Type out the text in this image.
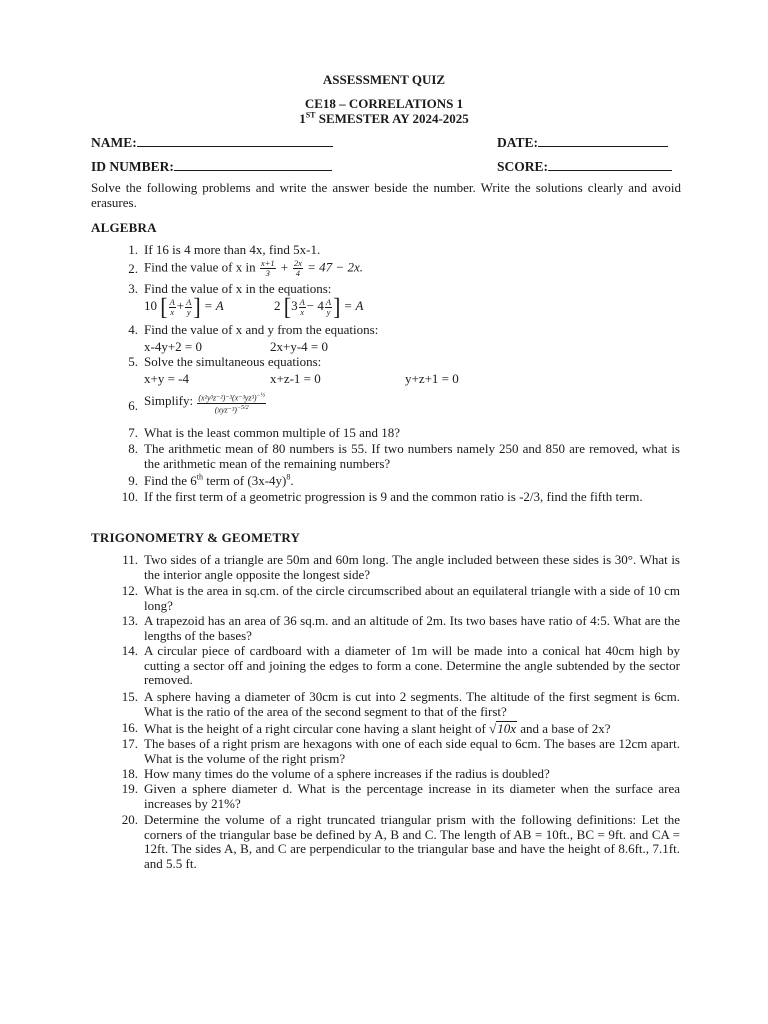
ASSESSMENT QUIZ
CE18 – CORRELATIONS 1
1ST SEMESTER AY 2024-2025
NAME:	DATE:
ID NUMBER:	SCORE:
Solve the following problems and write the answer beside the number. Write the solutions clearly and avoid erasures.
ALGEBRA
1. If 16 is 4 more than 4x, find 5x-1.
2. Find the value of x in $\frac{x+1}{3} + \frac{2x}{4} = 47 - 2x$.
3. Find the value of x in the equations:
10 [ $\frac{A}{x} + \frac{A}{y}$ ] = A	2 [$3 \frac{A}{x} - 4 \frac{A}{y}$ ] = A
4. Find the value of x and y from the equations:
x-4y+2 = 0	2x+y-4 = 0
5. Solve the simultaneous equations:
x+y = -4	x+z-1 = 0	y+z+1 = 0
6. Simplify: $(x^2y^3z^{-2})^{-3}(x^{-3}yz^3)^{-\frac{1}{2}}$
$(xyz^{-3})^{-5/2}$
7. What is the least common multiple of 15 and 18?
8. The arithmetic mean of 80 numbers is 55. If two numbers namely 250 and 850 are removed, what is the arithmetic mean of the remaining numbers?
9. Find the 6th term of $(3x-4y)^8$.
10. If the first term of a geometric progression is 9 and the common ratio is -2/3, find the fifth term.
TRIGONOMETRY & GEOMETRY
11. Two sides of a triangle are 50m and 60m long. The angle included between these sides is 30°. What is the interior angle opposite the longest side?
12. What is the area in sq.cm. of the circle circumscribed about an equilateral triangle with a side of 10 cm long?
13. A trapezoid has an area of 36 sq.m. and an altitude of 2m. Its two bases have ratio of 4:5. What are the lengths of the bases?
14. A circular piece of cardboard with a diameter of 1m will be made into a conical hat 40cm high by cutting a sector off and joining the edges to form a cone. Determine the angle subtended by the sector removed.
15. A sphere having a diameter of 30cm is cut into 2 segments. The altitude of the first segment is 6cm. What is the ratio of the area of the second segment to that of the first?
16. What is the height of a right circular cone having a slant height of √10x and a base of 2x?
17. The bases of a right prism are hexagons with one of each side equal to 6cm. The bases are 12cm apart. What is the volume of the right prism?
18. How many times do the volume of a sphere increases if the radius is doubled?
19. Given a sphere diameter d. What is the percentage increase in its diameter when the surface area increases by 21%?
20. Determine the volume of a right truncated triangular prism with the following definitions: Let the corners of the triangular base be defined by A, B and C. The length of AB = 10ft., BC = 9ft. and CA = 12ft. The sides A, B, and C are perpendicular to the triangular base and have the height of 8.6ft., 7.1ft. and 5.5 ft.
